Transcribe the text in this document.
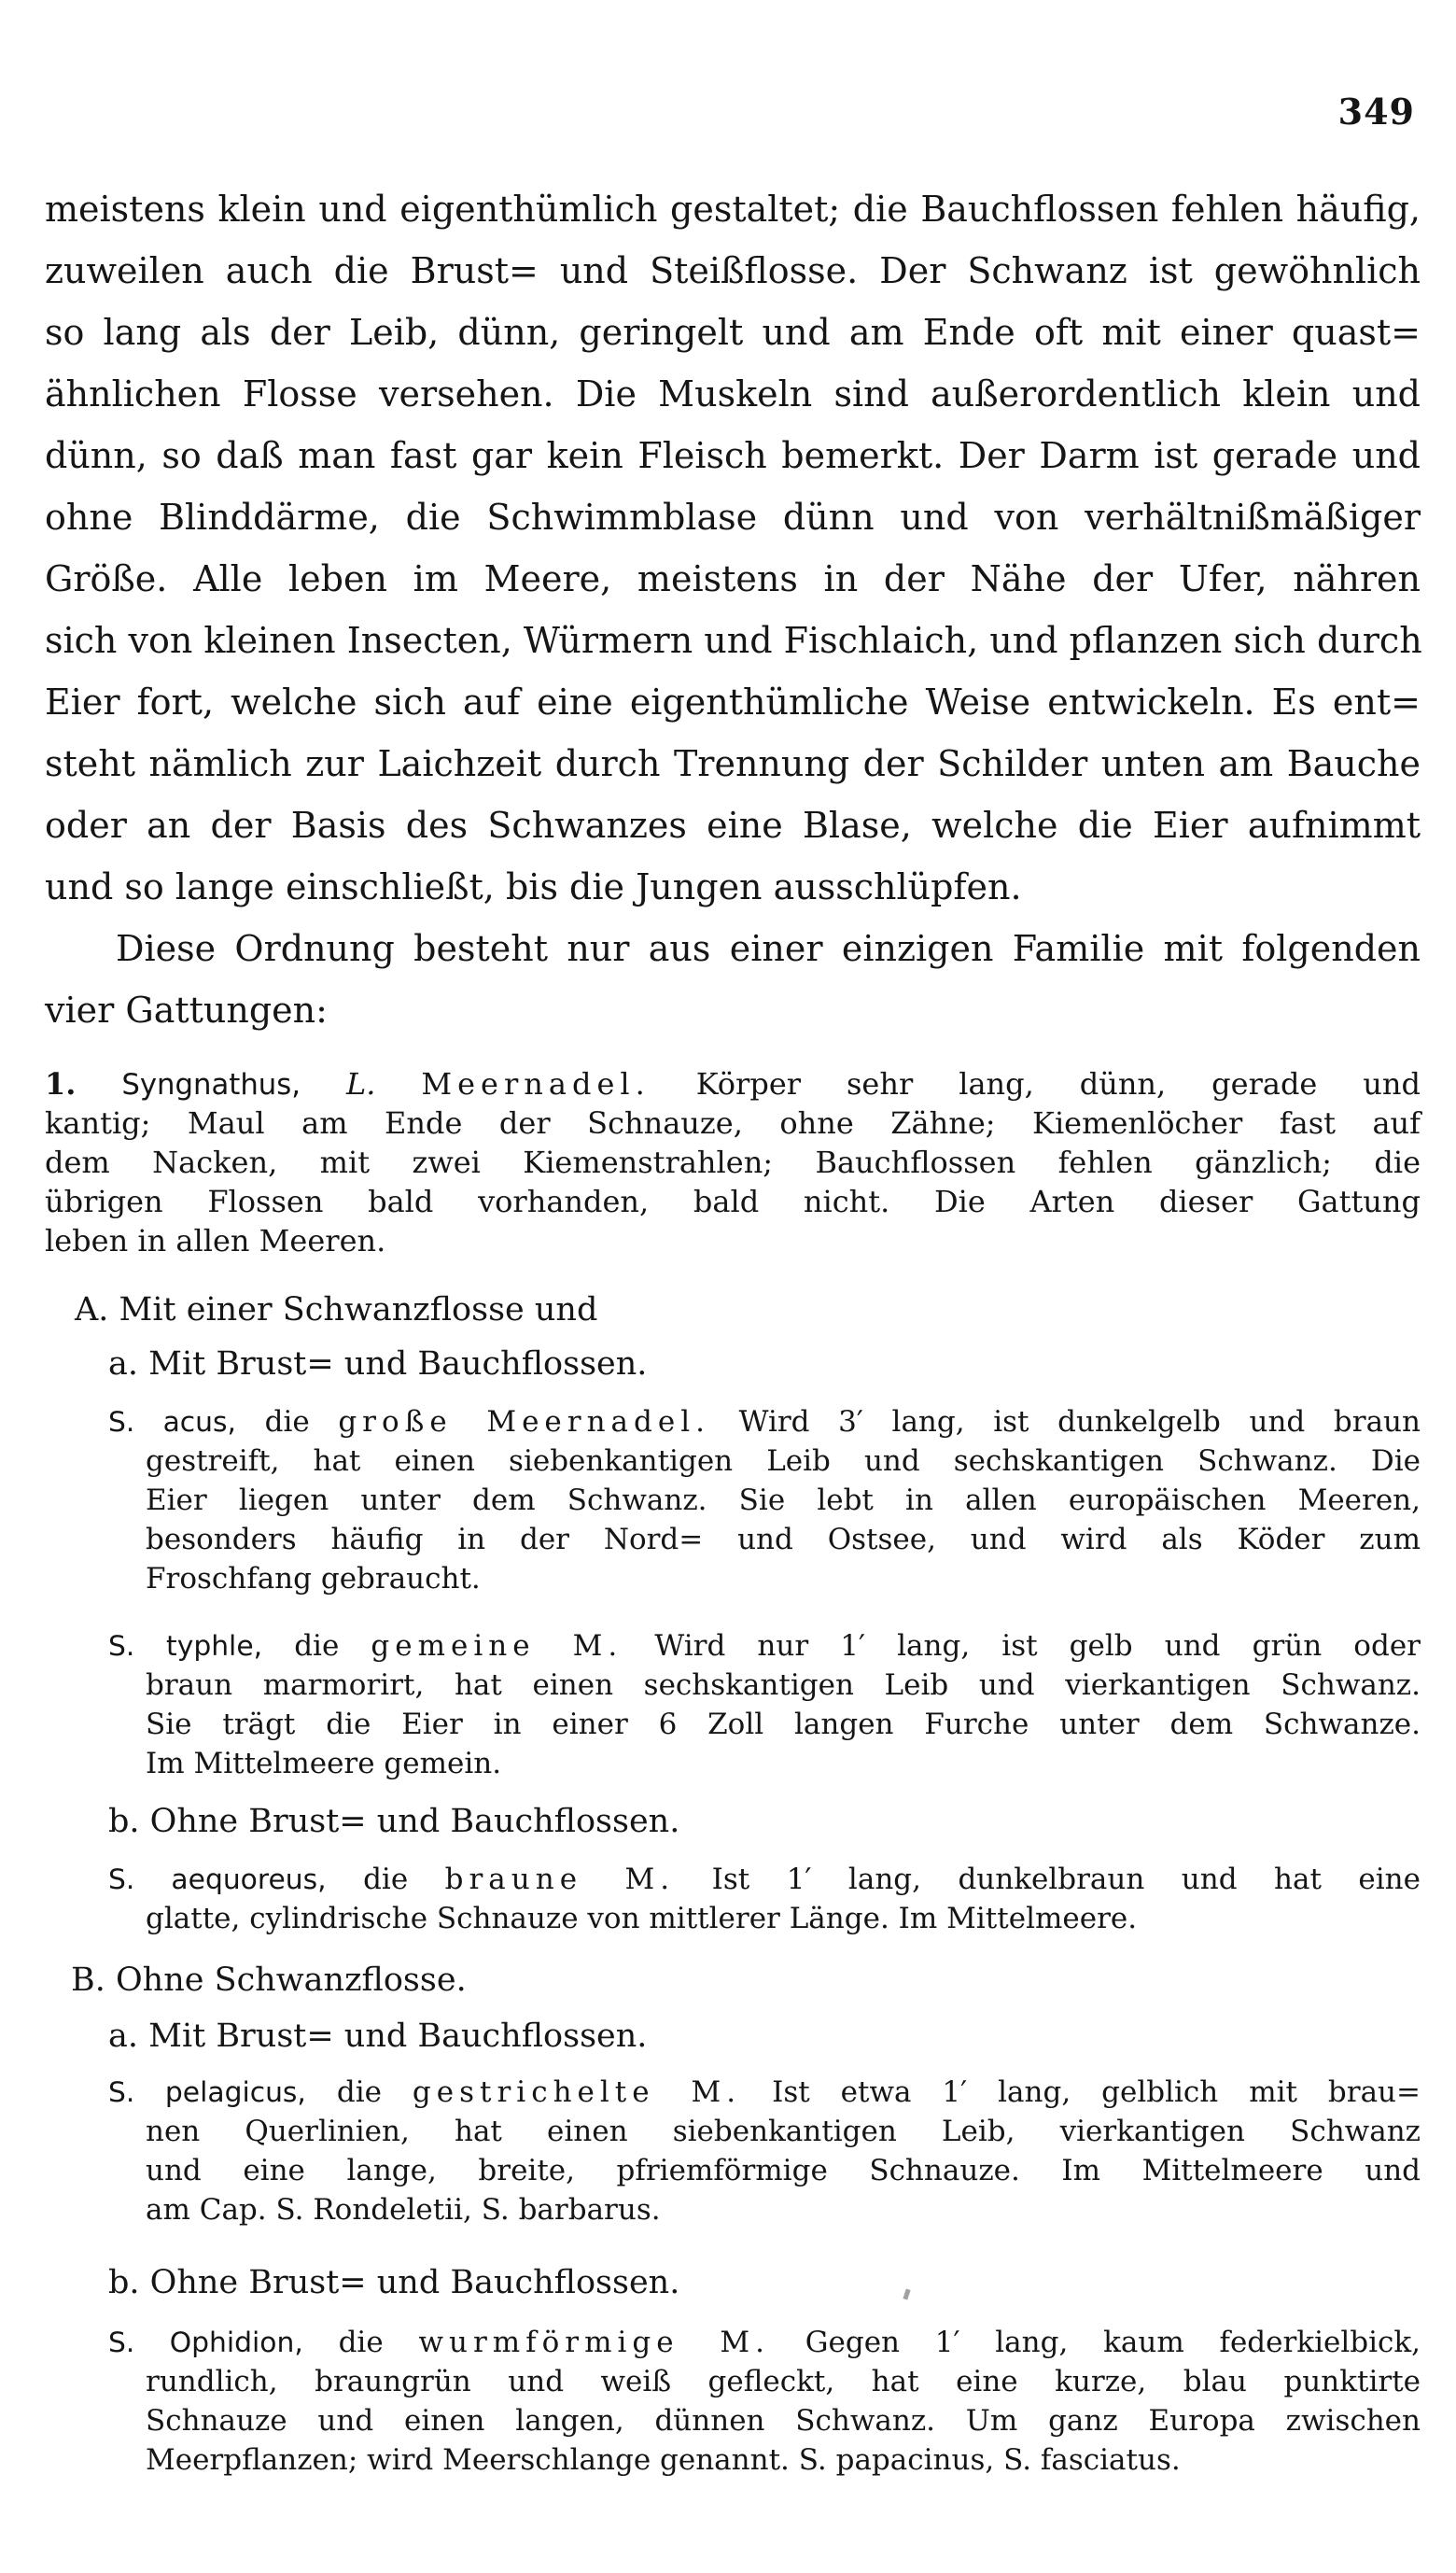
349
meistens klein und eigenthümlich gestaltet; die Bauchflossen fehlen häufig,
zuweilen auch die Brust= und Steißflosse. Der Schwanz ist gewöhnlich
so lang als der Leib, dünn, geringelt und am Ende oft mit einer quast=
ähnlichen Flosse versehen. Die Muskeln sind außerordentlich klein und
dünn, so daß man fast gar kein Fleisch bemerkt. Der Darm ist gerade und
ohne Blinddärme, die Schwimmblase dünn und von verhältnißmäßiger
Größe. Alle leben im Meere, meistens in der Nähe der Ufer, nähren
sich von kleinen Insecten, Würmern und Fischlaich, und pflanzen sich durch
Eier fort, welche sich auf eine eigenthümliche Weise entwickeln. Es ent=
steht nämlich zur Laichzeit durch Trennung der Schilder unten am Bauche
oder an der Basis des Schwanzes eine Blase, welche die Eier aufnimmt
und so lange einschließt, bis die Jungen ausschlüpfen.
Diese Ordnung besteht nur aus einer einzigen Familie mit folgenden
vier Gattungen:
1. Syngnathus, L. Meernadel. Körper sehr lang, dünn, gerade und
kantig; Maul am Ende der Schnauze, ohne Zähne; Kiemenlöcher fast auf
dem Nacken, mit zwei Kiemenstrahlen; Bauchflossen fehlen gänzlich; die
übrigen Flossen bald vorhanden, bald nicht. Die Arten dieser Gattung
leben in allen Meeren.
A. Mit einer Schwanzflosse und
a. Mit Brust= und Bauchflossen.
S. acus, die große Meernadel. Wird 3′ lang, ist dunkelgelb und braun
gestreift, hat einen siebenkantigen Leib und sechskantigen Schwanz. Die
Eier liegen unter dem Schwanz. Sie lebt in allen europäischen Meeren,
besonders häufig in der Nord= und Ostsee, und wird als Köder zum
Froschfang gebraucht.
S. typhle, die gemeine M. Wird nur 1′ lang, ist gelb und grün oder
braun marmorirt, hat einen sechskantigen Leib und vierkantigen Schwanz.
Sie trägt die Eier in einer 6 Zoll langen Furche unter dem Schwanze.
Im Mittelmeere gemein.
b. Ohne Brust= und Bauchflossen.
S. aequoreus, die braune M. Ist 1′ lang, dunkelbraun und hat eine
glatte, cylindrische Schnauze von mittlerer Länge. Im Mittelmeere.
B. Ohne Schwanzflosse.
a. Mit Brust= und Bauchflossen.
S. pelagicus, die gestrichelte M. Ist etwa 1′ lang, gelblich mit brau=
nen Querlinien, hat einen siebenkantigen Leib, vierkantigen Schwanz
und eine lange, breite, pfriemförmige Schnauze. Im Mittelmeere und
am Cap. S. Rondeletii, S. barbarus.
b. Ohne Brust= und Bauchflossen.
S. Ophidion, die wurmförmige M. Gegen 1′ lang, kaum federkielbick,
rundlich, braungrün und weiß gefleckt, hat eine kurze, blau punktirte
Schnauze und einen langen, dünnen Schwanz. Um ganz Europa zwischen
Meerpflanzen; wird Meerschlange genannt. S. papacinus, S. fasciatus.
